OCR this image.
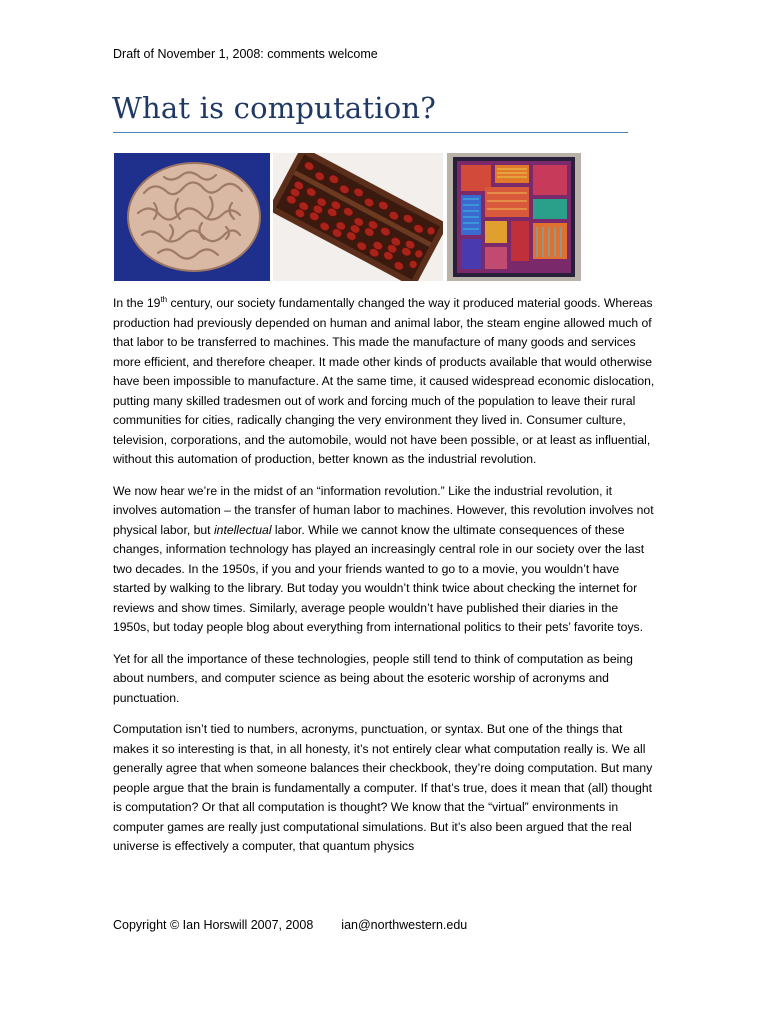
Draft of November 1, 2008: comments welcome
What is computation?

In the 19th century, our society fundamentally changed the way it produced material goods. Whereas production had previously depended on human and animal labor, the steam engine allowed much of that labor to be transferred to machines. This made the manufacture of many goods and services more efficient, and therefore cheaper. It made other kinds of products available that would otherwise have been impossible to manufacture. At the same time, it caused widespread economic dislocation, putting many skilled tradesmen out of work and forcing much of the population to leave their rural communities for cities, radically changing the very environment they lived in. Consumer culture, television, corporations, and the automobile, would not have been possible, or at least as influential, without this automation of production, better known as the industrial revolution.

We now hear we’re in the midst of an “information revolution.” Like the industrial revolution, it involves automation – the transfer of human labor to machines. However, this revolution involves not physical labor, but intellectual labor. While we cannot know the ultimate consequences of these changes, information technology has played an increasingly central role in our society over the last two decades. In the 1950s, if you and your friends wanted to go to a movie, you wouldn’t have started by walking to the library. But today you wouldn’t think twice about checking the internet for reviews and show times. Similarly, average people wouldn’t have published their diaries in the 1950s, but today people blog about everything from international politics to their pets’ favorite toys.

Yet for all the importance of these technologies, people still tend to think of computation as being about numbers, and computer science as being about the esoteric worship of acronyms and punctuation.

Computation isn’t tied to numbers, acronyms, punctuation, or syntax. But one of the things that makes it so interesting is that, in all honesty, it’s not entirely clear what computation really is. We all generally agree that when someone balances their checkbook, they’re doing computation. But many people argue that the brain is fundamentally a computer. If that’s true, does it mean that (all) thought is computation? Or that all computation is thought? We know that the “virtual” environments in computer games are really just computational simulations. But it’s also been argued that the real universe is effectively a computer, that quantum physics

Copyright © Ian Horswill 2007, 2008 ian@northwestern.edu
